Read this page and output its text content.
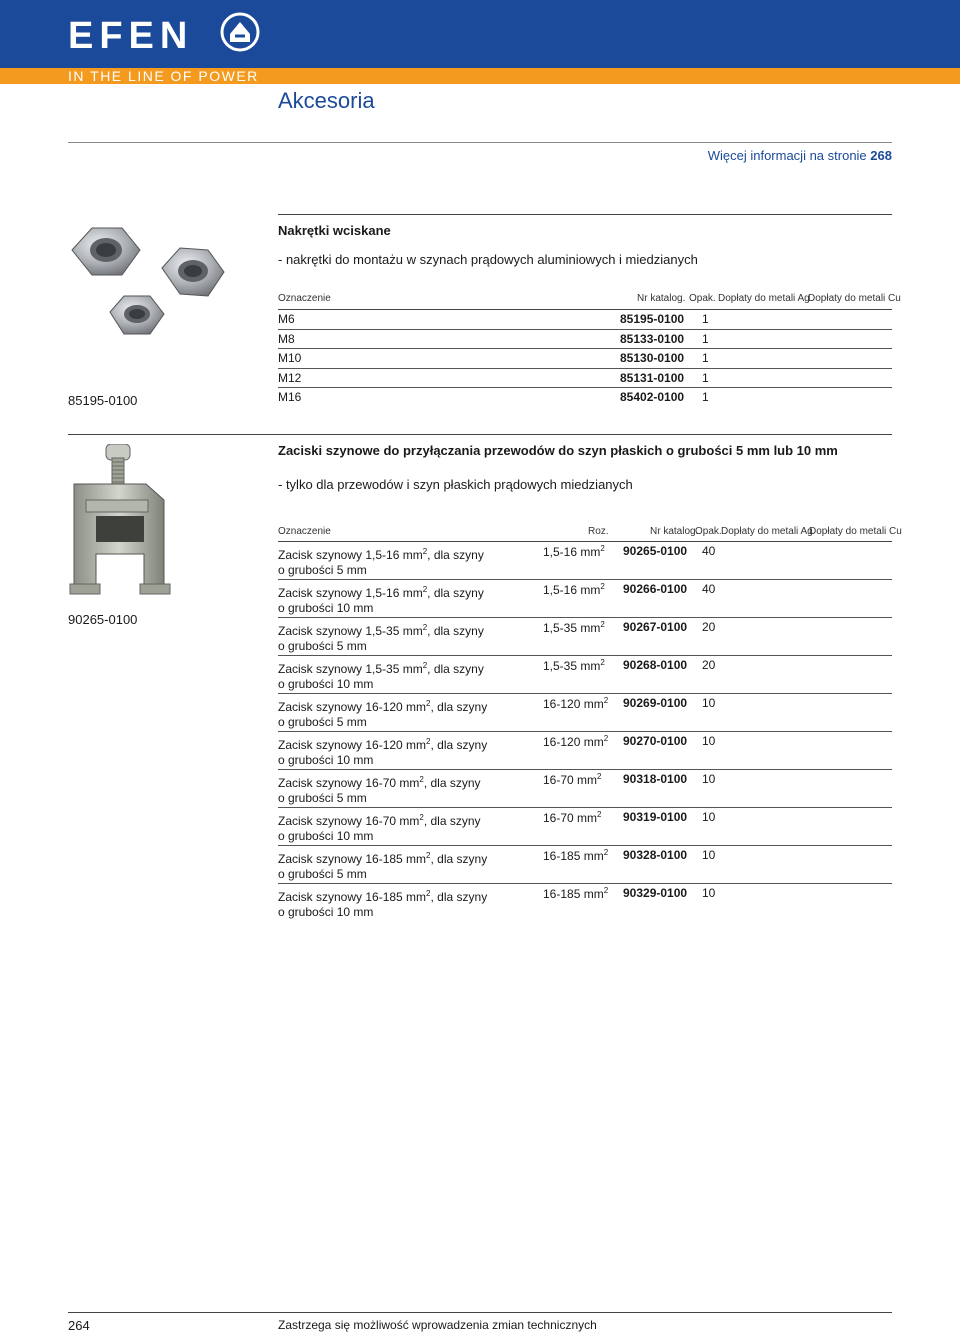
EFEN
IN THE LINE OF POWER
Akcesoria
Więcej informacji na stronie 268
Nakrętki wciskane
- nakrętki do montażu w szynach prądowych aluminiowych i miedzianych
85195-0100
Oznaczenie	Nr katalog. Opak. Dopłaty do metali Ag
Dopłaty do metali Cu
M6	85195-0100 1
M8	85133-0100 1
M10	85130-0100 1
M12	85131-0100 1
M16	85402-0100 1
Zaciski szynowe do przyłączania przewodów do szyn płaskich o grubości 5 mm lub 10 mm
- tylko dla przewodów i szyn płaskich prądowych miedzianych
90265-0100
Oznaczenie	Roz.	Nr katalog.
Opak. Dopłaty do metali Ag
Dopłaty do metali Cu
Zacisk szynowy 1,5-16 $mm^2$, dla szyny
o grubości 5 mm
1,5-16 $mm^2$ 90265-0100 40
Zacisk szynowy 1,5-16 $mm^2$, dla szyny
o grubości 10 mm
1,5-16 $mm^2$ 90266-0100 40
Zacisk szynowy 1,5-35 $mm^2$, dla szyny
o grubości 5 mm
1,5-35 $mm^2$ 90267-0100 20
Zacisk szynowy 1,5-35 $mm^2$, dla szyny
o grubości 10 mm
1,5-35 $mm^2$ 90268-0100 20
Zacisk szynowy 16-120 $mm^2$, dla szyny
o grubości 5 mm
16-120 $mm^2$ 90269-0100 10
Zacisk szynowy 16-120 $mm^2$, dla szyny
o grubości 10 mm
16-120 $mm^2$ 90270-0100 10
Zacisk szynowy 16-70 $mm^2$, dla szyny
o grubości 5 mm
16-70 $mm^2$ 90318-0100 10
Zacisk szynowy 16-70 $mm^2$, dla szyny
o grubości 10 mm
16-70 $mm^2$ 90319-0100 10
Zacisk szynowy 16-185 $mm^2$, dla szyny
o grubości 5 mm
16-185 $mm^2$ 90328-0100 10
Zacisk szynowy 16-185 $mm^2$, dla szyny
o grubości 10 mm
16-185 $mm^2$ 90329-0100 10
264	Zastrzega się możliwość wprowadzenia zmian technicznych
